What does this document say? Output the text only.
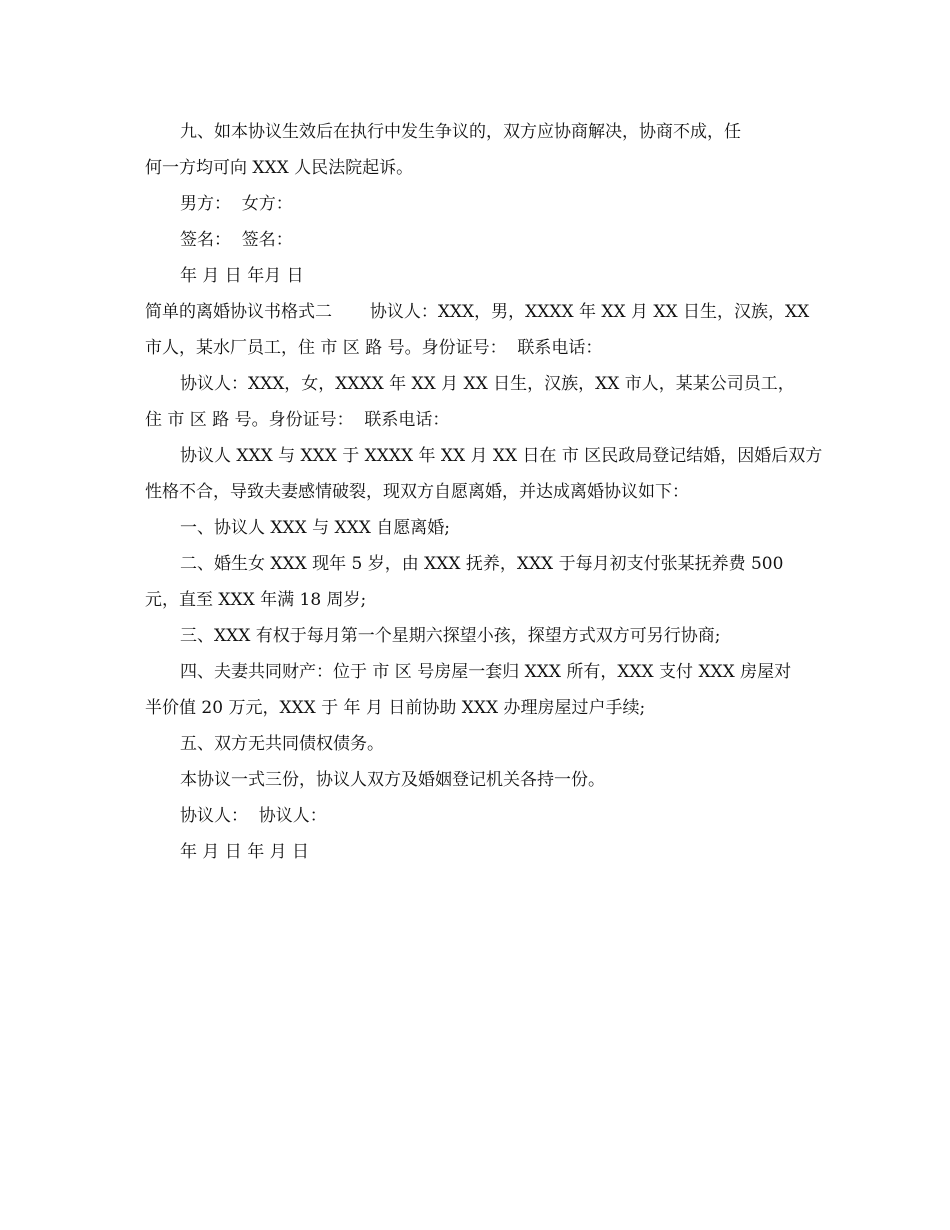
九、如本协议生效后在执行中发生争议的，双方应协商解决，协商不成，任
何一方均可向 XXX 人民法院起诉。
男方：  女方：
签名：  签名：
年 月 日 年月 日
简单的离婚协议书格式二       协议人：XXX，男，XXXX 年 XX 月 XX 日生，汉族，XX
市人，某水厂员工，住 市 区 路 号。身份证号：  联系电话：
协议人：XXX，女，XXXX 年 XX 月 XX 日生，汉族，XX 市人，某某公司员工，
住 市 区 路 号。身份证号：  联系电话：
协议人 XXX 与 XXX 于 XXXX 年 XX 月 XX 日在 市 区民政局登记结婚，因婚后双方
性格不合，导致夫妻感情破裂，现双方自愿离婚，并达成离婚协议如下：
一、协议人 XXX 与 XXX 自愿离婚;
二、婚生女 XXX 现年 5 岁，由 XXX 抚养，XXX 于每月初支付张某抚养费 500
元，直至 XXX 年满 18 周岁;
三、XXX 有权于每月第一个星期六探望小孩，探望方式双方可另行协商;
四、夫妻共同财产：位于 市 区 号房屋一套归 XXX 所有，XXX 支付 XXX 房屋对
半价值 20 万元，XXX 于 年 月 日前协助 XXX 办理房屋过户手续;
五、双方无共同债权债务。
本协议一式三份，协议人双方及婚姻登记机关各持一份。
协议人：  协议人：
年 月 日 年 月 日
